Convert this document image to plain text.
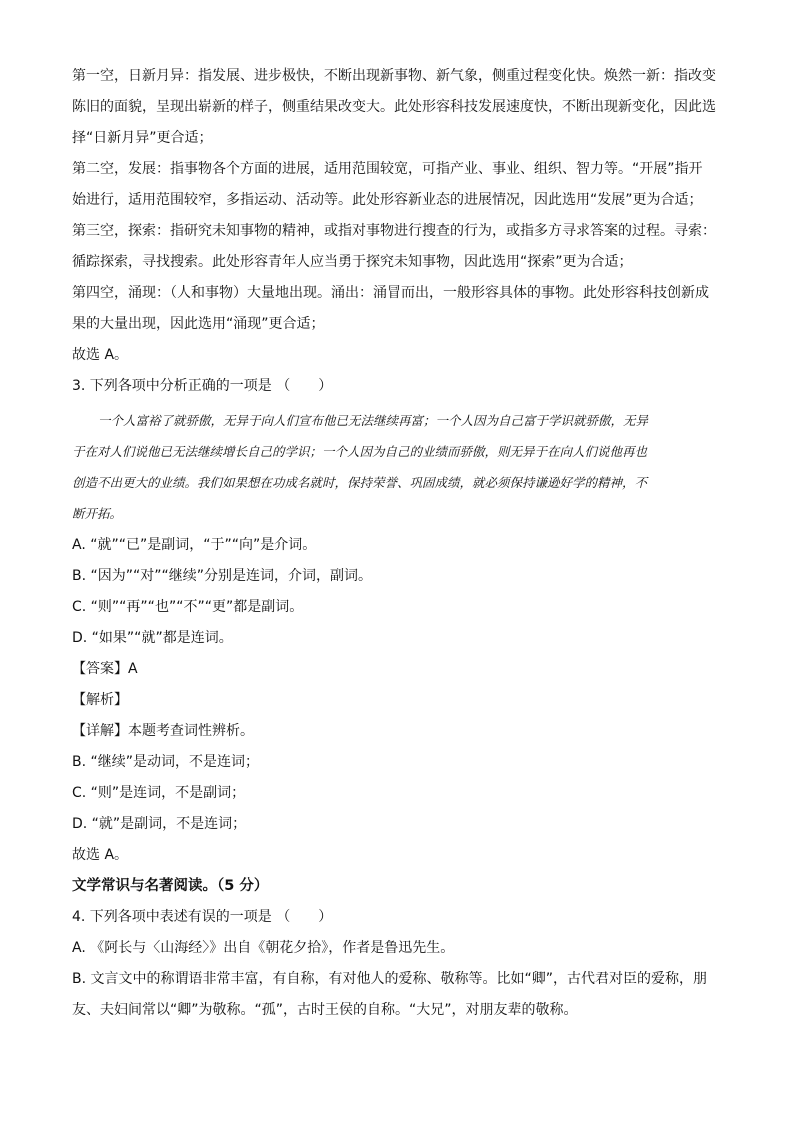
第一空，日新月异：指发展、进步极快，不断出现新事物、新气象，侧重过程变化快。焕然一新：指改变
陈旧的面貌，呈现出崭新的样子，侧重结果改变大。此处形容科技发展速度快，不断出现新变化，因此选
择“日新月异”更合适；
第二空，发展：指事物各个方面的进展，适用范围较宽，可指产业、事业、组织、智力等。“开展”指开
始进行，适用范围较窄，多指运动、活动等。此处形容新业态的进展情况，因此选用“发展”更为合适；
第三空，探索：指研究未知事物的精神，或指对事物进行搜查的行为，或指多方寻求答案的过程。寻索：
循踪探索，寻找搜索。此处形容青年人应当勇于探究未知事物，因此选用“探索”更为合适；
第四空，涌现：（人和事物）大量地出现。涌出：涌冒而出，一般形容具体的事物。此处形容科技创新成
果的大量出现，因此选用“涌现”更合适；
故选 A。
3. 下列各项中分析正确的一项是 （　　）
一个人富裕了就骄傲，无异于向人们宣布他已无法继续再富；一个人因为自己富于学识就骄傲，无异
于在对人们说他已无法继续增长自己的学识；一个人因为自己的业绩而骄傲，则无异于在向人们说他再也
创造不出更大的业绩。我们如果想在功成名就时，保持荣誉、巩固成绩，就必须保持谦逊好学的精神，不
断开拓。
A. “就”“已”是副词，“于”“向”是介词。
B. “因为”“对”“继续”分别是连词，介词，副词。
C. “则”“再”“也”“不”“更”都是副词。
D. “如果”“就”都是连词。
【答案】A
【解析】
【详解】本题考查词性辨析。
B. “继续”是动词，不是连词；
C. “则”是连词，不是副词；
D. “就”是副词，不是连词；
故选 A。
文学常识与名著阅读。（5 分）
4. 下列各项中表述有误的一项是 （　　）
A. 《阿长与〈山海经〉》出自《朝花夕拾》，作者是鲁迅先生。
B. 文言文中的称谓语非常丰富，有自称，有对他人的爱称、敬称等。比如“卿”，古代君对臣的爱称，朋
友、夫妇间常以“卿”为敬称。“孤”，古时王侯的自称。“大兄”，对朋友辈的敬称。
